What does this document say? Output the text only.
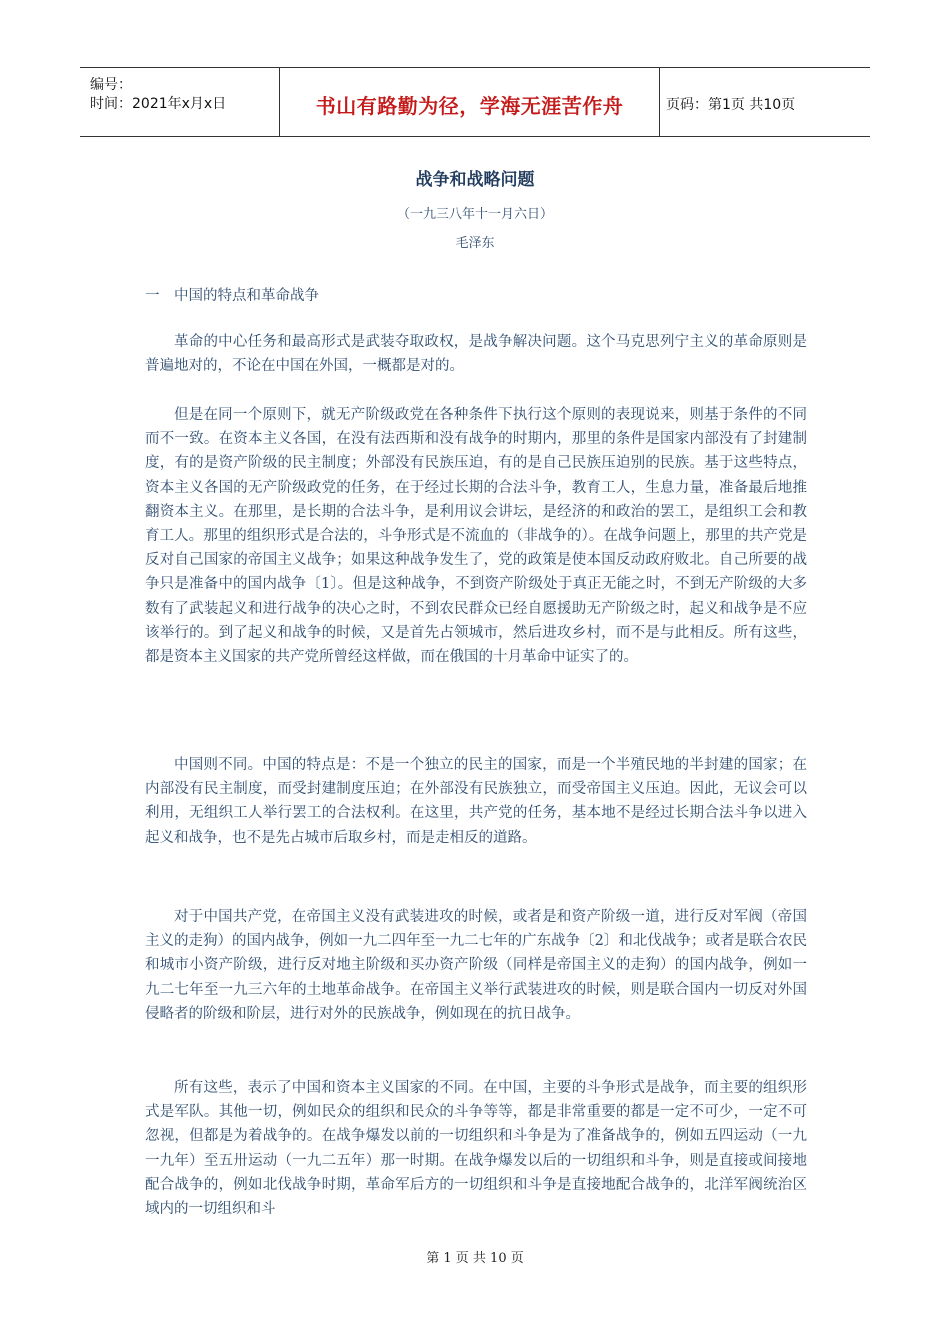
编号：
时间：2021年x月x日	书山有路勤为径，学海无涯苦作舟	页码：第1页 共10页
战争和战略问题
（一九三八年十一月六日）
毛泽东
一　中国的特点和革命战争

革命的中心任务和最高形式是武装夺取政权，是战争解决问题。这个马克思列宁主义的革命原则是普遍地对的，不论在中国在外国，一概都是对的。

但是在同一个原则下，就无产阶级政党在各种条件下执行这个原则的表现说来，则基于条件的不同而不一致。在资本主义各国，在没有法西斯和没有战争的时期内，那里的条件是国家内部没有了封建制度，有的是资产阶级的民主制度；外部没有民族压迫，有的是自己民族压迫别的民族。基于这些特点，资本主义各国的无产阶级政党的任务，在于经过长期的合法斗争，教育工人，生息力量，准备最后地推翻资本主义。在那里，是长期的合法斗争，是利用议会讲坛，是经济的和政治的罢工，是组织工会和教育工人。那里的组织形式是合法的，斗争形式是不流血的（非战争的）。在战争问题上，那里的共产党是反对自己国家的帝国主义战争；如果这种战争发生了，党的政策是使本国反动政府败北。自己所要的战争只是准备中的国内战争〔1〕。但是这种战争，不到资产阶级处于真正无能之时，不到无产阶级的大多数有了武装起义和进行战争的决心之时，不到农民群众已经自愿援助无产阶级之时，起义和战争是不应该举行的。到了起义和战争的时候，又是首先占领城市，然后进攻乡村，而不是与此相反。所有这些，都是资本主义国家的共产党所曾经这样做，而在俄国的十月革命中证实了的。

中国则不同。中国的特点是：不是一个独立的民主的国家，而是一个半殖民地的半封建的国家；在内部没有民主制度，而受封建制度压迫；在外部没有民族独立，而受帝国主义压迫。因此，无议会可以利用，无组织工人举行罢工的合法权利。在这里，共产党的任务，基本地不是经过长期合法斗争以进入起义和战争，也不是先占城市后取乡村，而是走相反的道路。

对于中国共产党，在帝国主义没有武装进攻的时候，或者是和资产阶级一道，进行反对军阀（帝国主义的走狗）的国内战争，例如一九二四年至一九二七年的广东战争〔2〕和北伐战争；或者是联合农民和城市小资产阶级，进行反对地主阶级和买办资产阶级（同样是帝国主义的走狗）的国内战争，例如一九二七年至一九三六年的土地革命战争。在帝国主义举行武装进攻的时候，则是联合国内一切反对外国侵略者的阶级和阶层，进行对外的民族战争，例如现在的抗日战争。

所有这些，表示了中国和资本主义国家的不同。在中国，主要的斗争形式是战争，而主要的组织形式是军队。其他一切，例如民众的组织和民众的斗争等等，都是非常重要的都是一定不可少，一定不可忽视，但都是为着战争的。在战争爆发以前的一切组织和斗争是为了准备战争的，例如五四运动（一九一九年）至五卅运动（一九二五年）那一时期。在战争爆发以后的一切组织和斗争，则是直接或间接地配合战争的，例如北伐战争时期，革命军后方的一切组织和斗争是直接地配合战争的，北洋军阀统治区域内的一切组织和斗

第 1 页 共 10 页
